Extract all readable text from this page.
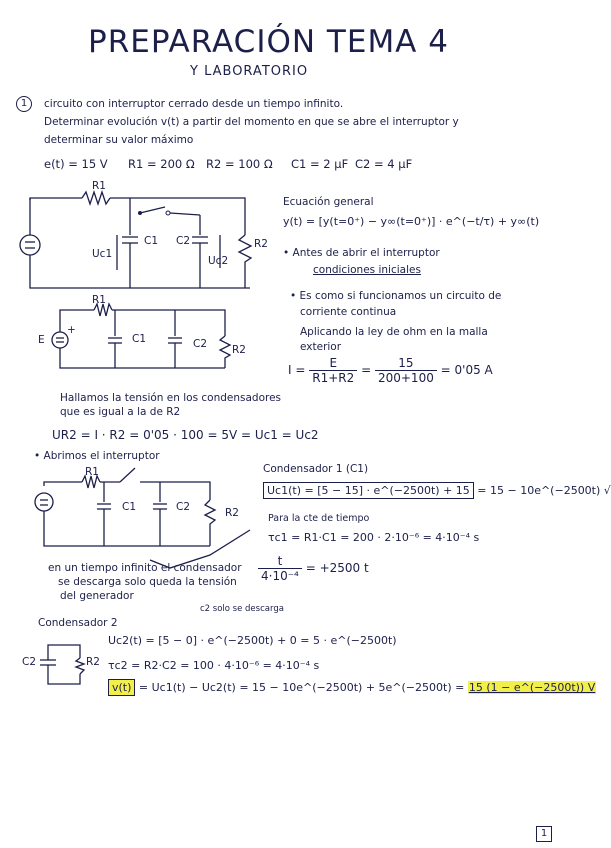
PREPARACIÓN TEMA 4
Y LABORATORIO
1	circuito con interruptor cerrado desde un tiempo infinito.
Determinar evolución v(t) a partir del momento en que se abre el interruptor y
determinar su valor máximo
e(t) = 15 V R1 = 200 Ω R2 = 100 Ω C1 = 2 μF C2 = 4 μF
R1
C1 C2	R2
Uc1
Uc2
Ecuación general
y(t) = [y(t=0⁺) − y∞(t=0⁺)] · e^(−t/τ) + y∞(t)
• Antes de abrir el interruptor
condiciones iniciales
• Es como si funcionamos un circuito de
corriente continua
Aplicando la ley de ohm en la malla
exterior
$I = \frac{E}{R1+R2} = \frac{15}{200+100} = 0'05$ A
R1
E
+
C1	C2 R2
Hallamos la tensión en los condensadores
que es igual a la de R2
UR2 = I · R2 = 0'05 · 100 = 5V = Uc1 = Uc2
• Abrimos el interruptor
R1
C1	C2	R2
Condensador 1 (C1)
Uc1(t) = [5 − 15] · e^(−2500t) + 15 = 15 − 10e^(−2500t) √
Para la cte de tiempo
τc1 = R1·C1 = 200 · 2·10⁻⁶ = 4·10⁻⁴ s
$\frac{t}{\text{4·10⁻⁴}} = +2500$ t
en un tiempo infinito el condensador
se descarga solo queda la tensión
del generador
Condensador 2
c2 solo se descarga
Uc2(t) = [5 − 0] · e^(−2500t) + 0 = 5 · e^(−2500t)
τc2 = R2·C2 = 100 · 4·10⁻⁶ = 4·10⁻⁴ s
C2	R2
v(t) = Uc1(t) − Uc2(t) = 15 − 10e^(−2500t) + 5e^(−2500t) = 15 (1 − e^(−2500t)) V
1
